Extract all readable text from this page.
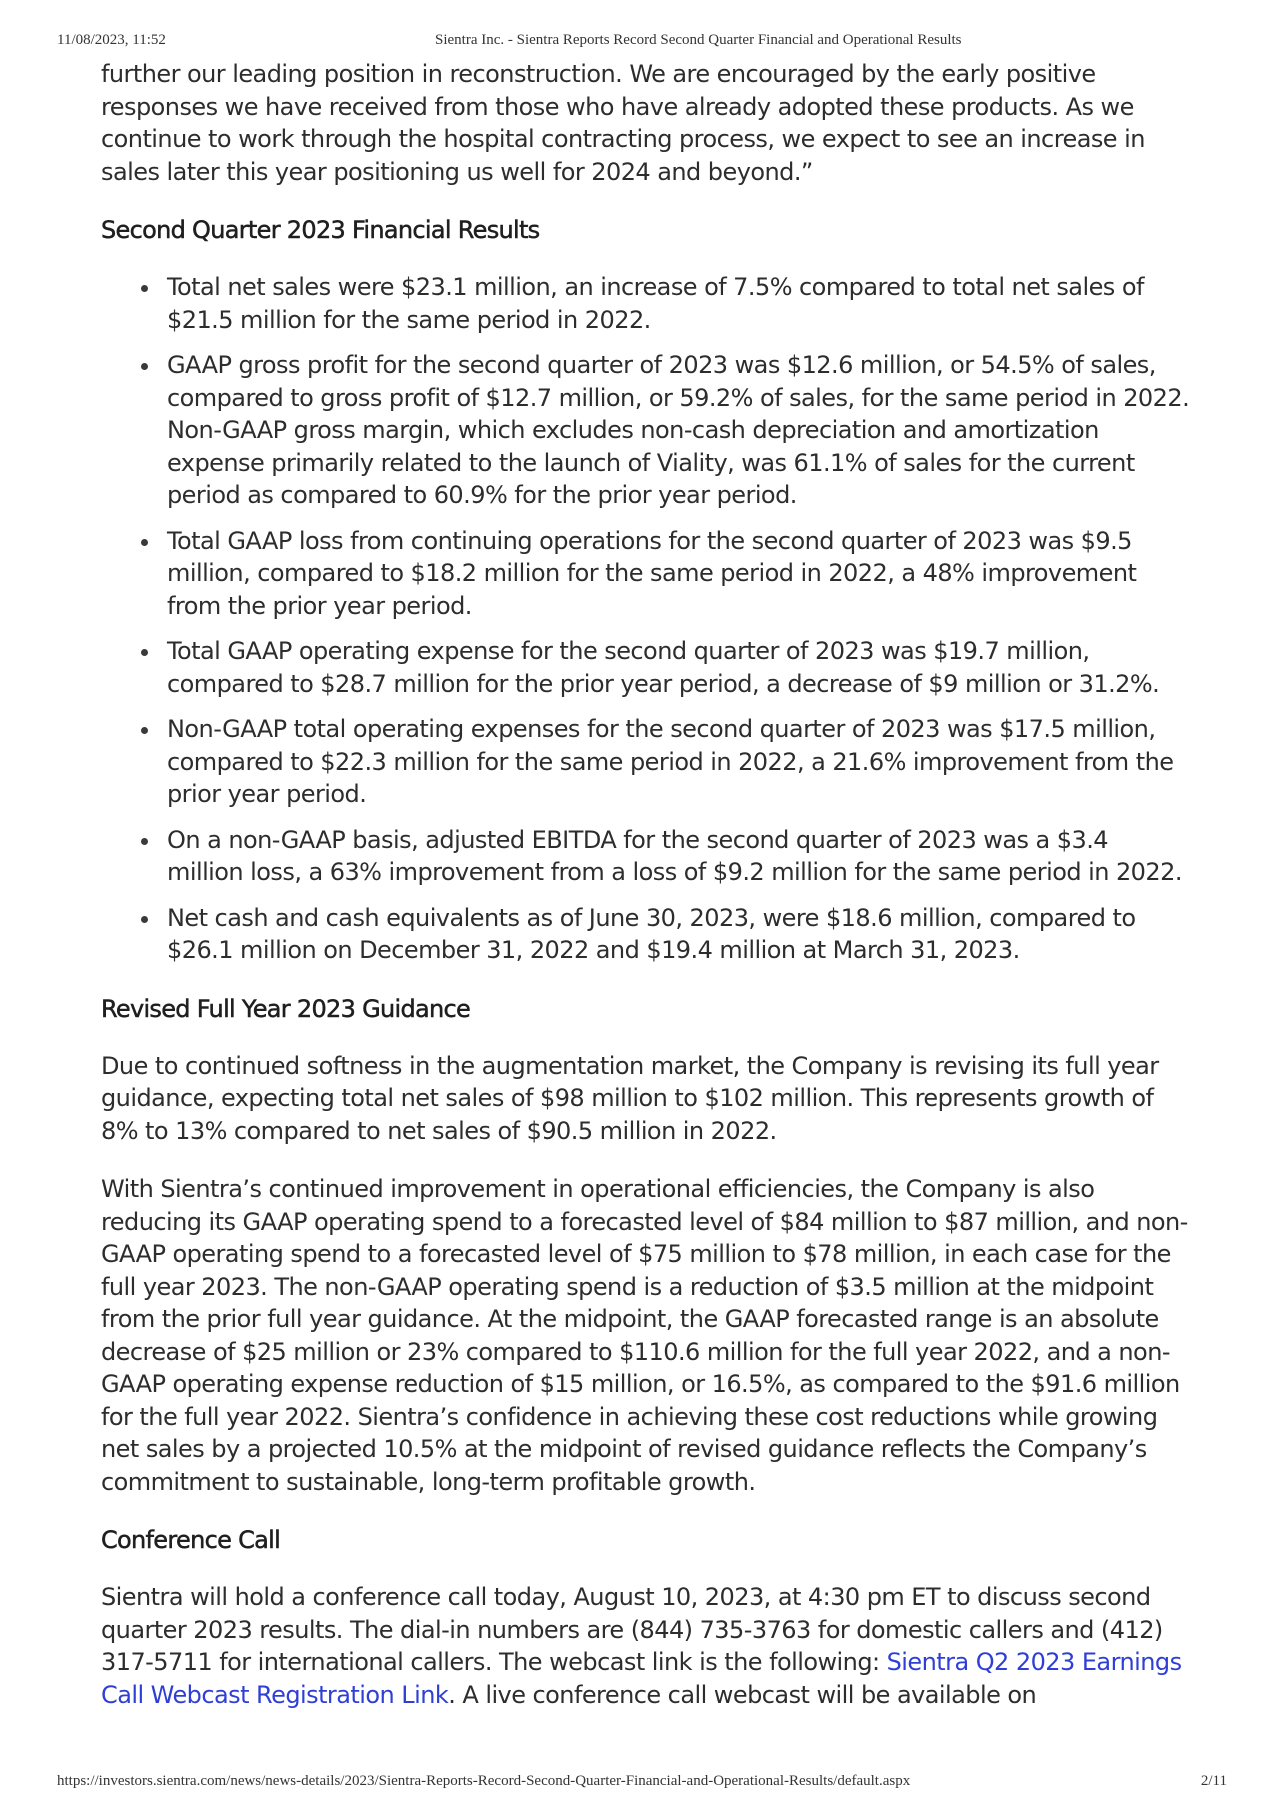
11/08/2023, 11:52	Sientra Inc. - Sientra Reports Record Second Quarter Financial and Operational Results

further our leading position in reconstruction. We are encouraged by the early positive responses we have received from those who have already adopted these products. As we continue to work through the hospital contracting process, we expect to see an increase in sales later this year positioning us well for 2024 and beyond.”

Second Quarter 2023 Financial Results
Total net sales were $23.1 million, an increase of 7.5% compared to total net sales of $21.5 million for the same period in 2022.
GAAP gross profit for the second quarter of 2023 was $12.6 million, or 54.5% of sales, compared to gross profit of $12.7 million, or 59.2% of sales, for the same period in 2022. Non-GAAP gross margin, which excludes non-cash depreciation and amortization expense primarily related to the launch of Viality, was 61.1% of sales for the current period as compared to 60.9% for the prior year period.
Total GAAP loss from continuing operations for the second quarter of 2023 was $9.5 million, compared to $18.2 million for the same period in 2022, a 48% improvement from the prior year period.
Total GAAP operating expense for the second quarter of 2023 was $19.7 million, compared to $28.7 million for the prior year period, a decrease of $9 million or 31.2%.
Non-GAAP total operating expenses for the second quarter of 2023 was $17.5 million, compared to $22.3 million for the same period in 2022, a 21.6% improvement from the prior year period.
On a non-GAAP basis, adjusted EBITDA for the second quarter of 2023 was a $3.4 million loss, a 63% improvement from a loss of $9.2 million for the same period in 2022.
Net cash and cash equivalents as of June 30, 2023, were $18.6 million, compared to $26.1 million on December 31, 2022 and $19.4 million at March 31, 2023.
Revised Full Year 2023 Guidance

Due to continued softness in the augmentation market, the Company is revising its full year guidance, expecting total net sales of $98 million to $102 million. This represents growth of 8% to 13% compared to net sales of $90.5 million in 2022.

With Sientra’s continued improvement in operational efficiencies, the Company is also reducing its GAAP operating spend to a forecasted level of $84 million to $87 million, and non-GAAP operating spend to a forecasted level of $75 million to $78 million, in each case for the full year 2023. The non-GAAP operating spend is a reduction of $3.5 million at the midpoint from the prior full year guidance. At the midpoint, the GAAP forecasted range is an absolute decrease of $25 million or 23% compared to $110.6 million for the full year 2022, and a non-GAAP operating expense reduction of $15 million, or 16.5%, as compared to the $91.6 million for the full year 2022. Sientra’s confidence in achieving these cost reductions while growing net sales by a projected 10.5% at the midpoint of revised guidance reflects the Company’s commitment to sustainable, long-term profitable growth.

Conference Call

Sientra will hold a conference call today, August 10, 2023, at 4:30 pm ET to discuss second quarter 2023 results. The dial-in numbers are (844) 735-3763 for domestic callers and (412) 317-5711 for international callers. The webcast link is the following: Sientra Q2 2023 Earnings Call Webcast Registration Link. A live conference call webcast will be available on

https://investors.sientra.com/news/news-details/2023/Sientra-Reports-Record-Second-Quarter-Financial-and-Operational-Results/default.aspx	2/11
